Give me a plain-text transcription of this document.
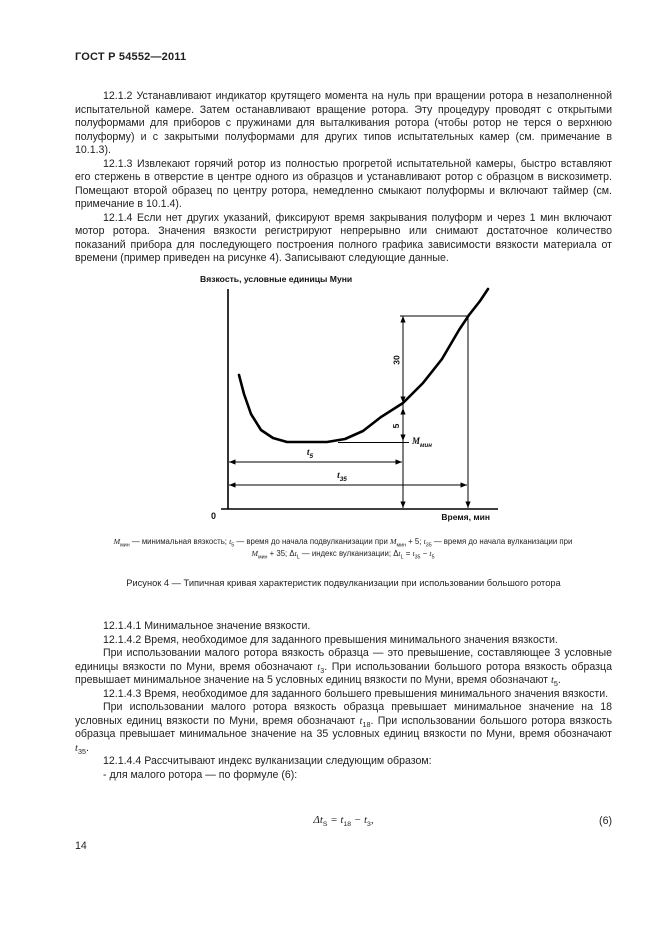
ГОСТ Р 54552—2011

12.1.2 Устанавливают индикатор крутящего момента на нуль при вращении ротора в незаполненной испытательной камере. Затем останавливают вращение ротора. Эту процедуру проводят с открытыми полуформами для приборов с пружинами для выталкивания ротора (чтобы ротор не терся о верхнюю полуформу) и с закрытыми полуформами для других типов испытательных камер (см. примечание в 10.1.3).

12.1.3 Извлекают горячий ротор из полностью прогретой испытательной камеры, быстро вставляют его стержень в отверстие в центре одного из образцов и устанавливают ротор с образцом в вискозиметр. Помещают второй образец по центру ротора, немедленно смыкают полуформы и включают таймер (см. примечание в 10.1.4).

12.1.4 Если нет других указаний, фиксируют время закрывания полуформ и через 1 мин включают мотор ротора. Значения вязкости регистрируют непрерывно или снимают достаточное количество показаний прибора для последующего построения полного графика зависимости вязкости материала от времени (пример приведен на рисунке 4). Записывают следующие данные.

Вязкость, условные единицы Муни
Время, мин
0
30
5
$M_{мин}$
$t_5$
$t_{35}$
$М_{мин}$ — минимальная вязкость; $t_5$ — время до начала подвулканизации при $М_{мин} + 5$; $t_{35}$ — время до начала вулканизации при
$М_{мин} + 35$; $\Delta t_L$ — индекс вулканизации; $\Delta t_L = t_{35} - t_5$
Рисунок 4 — Типичная кривая характеристик подвулканизации при использовании большого ротора

12.1.4.1 Минимальное значение вязкости.

12.1.4.2 Время, необходимое для заданного превышения минимального значения вязкости.

При использовании малого ротора вязкость образца — это превышение, составляющее 3 условные единицы вязкости по Муни, время обозначают $t_3$. При использовании большого ротора вязкость образца превышает минимальное значение на 5 условных единиц вязкости по Муни, время обозначают $t_5$.

12.1.4.3 Время, необходимое для заданного большего превышения минимального значения вязкости.

При использовании малого ротора вязкость образца превышает минимальное значение на 18 условных единиц вязкости по Муни, время обозначают $t_{18}$. При использовании большого ротора вязкость образца превышает минимальное значение на 35 условных единиц вязкости по Муни, время обозначают $t_{35}$.

12.1.4.4 Рассчитывают индекс вулканизации следующим образом:

- для малого ротора — по формуле (6):

$\Delta t_S = t_{18} - t_3$,	(6)
14
